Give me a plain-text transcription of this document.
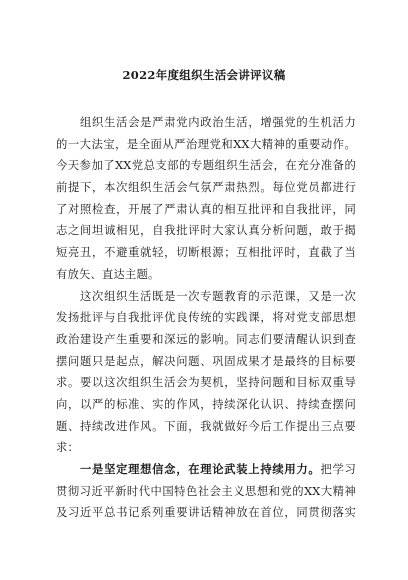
2022年度组织生活会讲评议稿
　　组织生活会是严肃党内政治生活，增强党的生机活力
的一大法宝，是全面从严治理党和XX大精神的重要动作。
今天参加了XX党总支部的专题组织生活会，在充分准备的
前提下，本次组织生活会气氛严肃热烈。每位党员都进行
了对照检查，开展了严肃认真的相互批评和自我批评，同
志之间坦诚相见，自我批评时大家认真分析问题，敢于揭
短亮丑，不避重就轻，切断根源；互相批评时，直截了当
有放矢、直达主题。
　　这次组织生活既是一次专题教育的示范课，又是一次
发扬批评与自我批评优良传统的实践课，将对党支部思想
政治建设产生重要和深远的影响。同志们要清醒认识到查
摆问题只是起点，解决问题、巩固成果才是最终的目标要
求。要以这次组织生活会为契机，坚持问题和目标双重导
向，以严的标准、实的作风，持续深化认识、持续查摆问
题、持续改进作风。下面，我就做好今后工作提出三点要
求：
　　一是坚定理想信念，在理论武装上持续用力。把学习
贯彻习近平新时代中国特色社会主义思想和党的XX大精神
及习近平总书记系列重要讲话精神放在首位，同贯彻落实
